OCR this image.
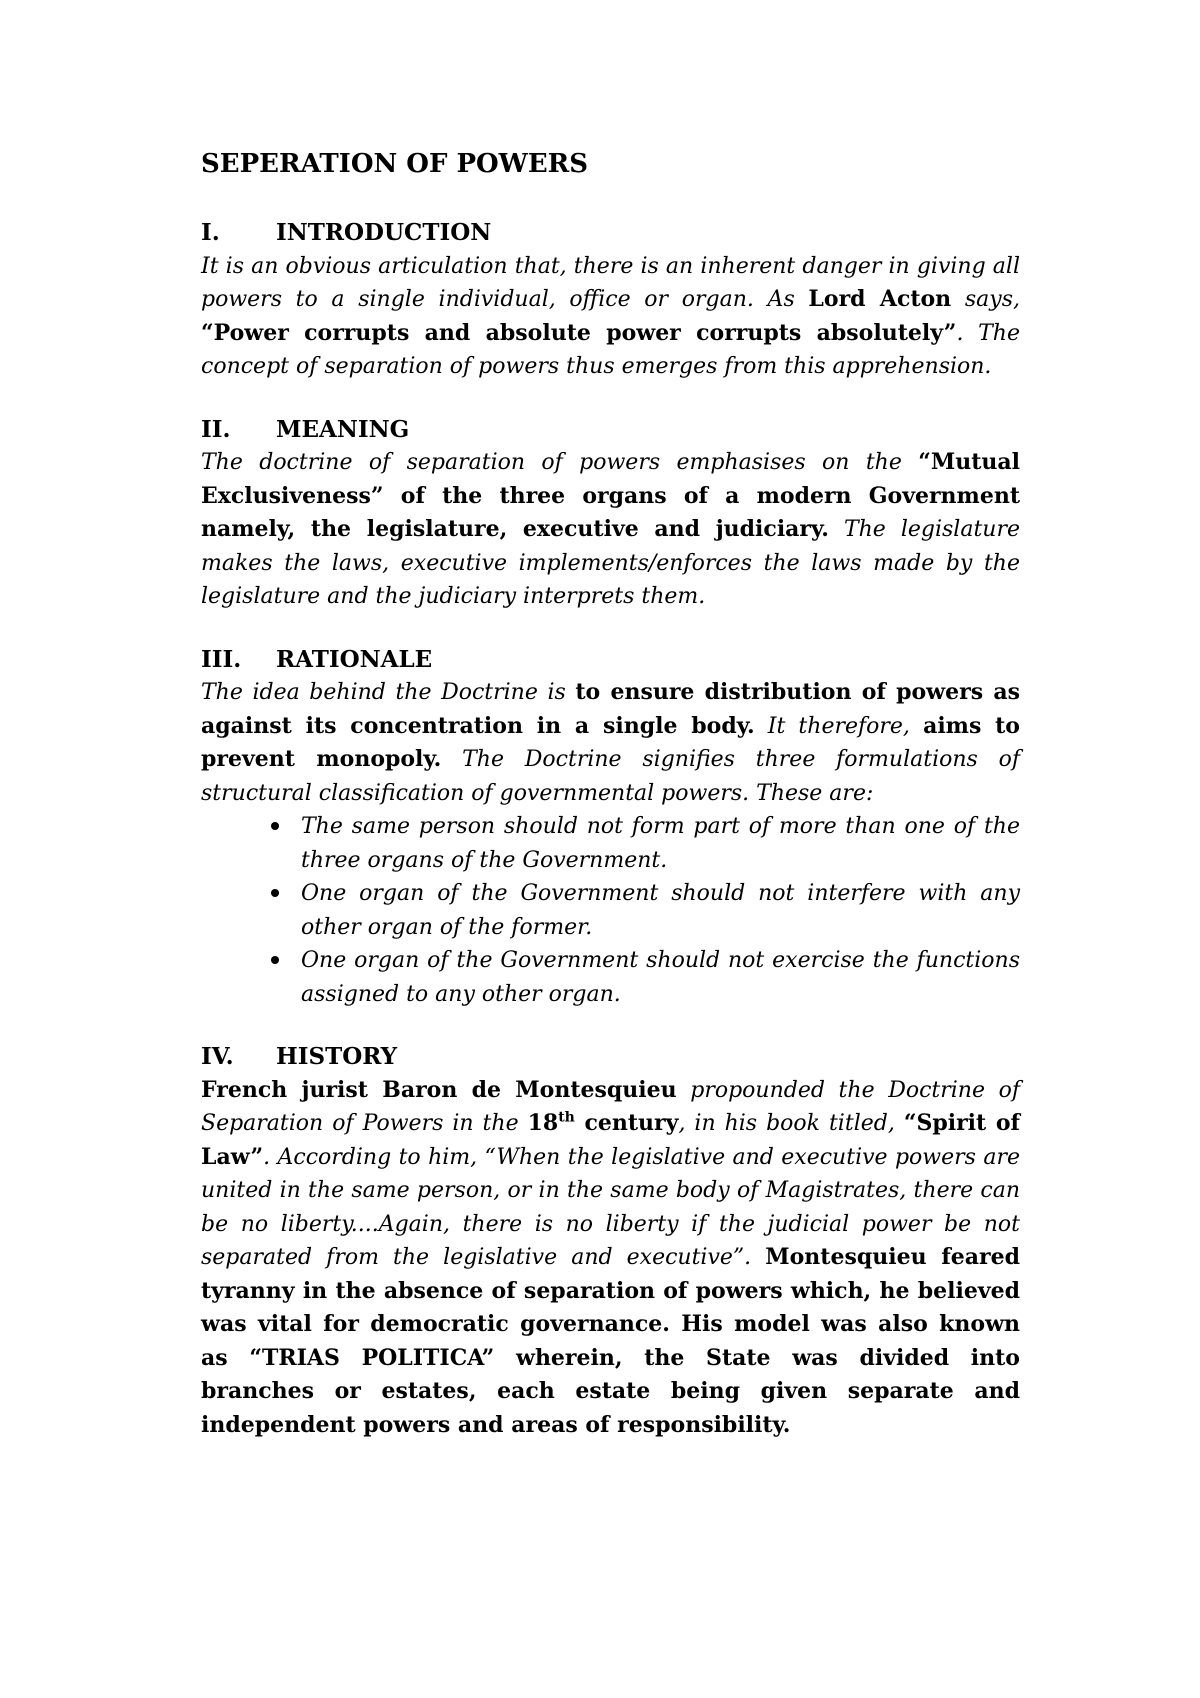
SEPERATION OF POWERS
I. INTRODUCTION

It is an obvious articulation that, there is an inherent danger in giving all powers to a single individual, office or organ. As Lord Acton says, “Power corrupts and absolute power corrupts absolutely”. The concept of separation of powers thus emerges from this apprehension.

II. MEANING

The doctrine of separation of powers emphasises on the “Mutual Exclusiveness” of the three organs of a modern Government namely, the legislature, executive and judiciary. The legislature makes the laws, executive implements/enforces the laws made by the legislature and the judiciary interprets them.

III. RATIONALE

The idea behind the Doctrine is to ensure distribution of powers as against its concentration in a single body. It therefore, aims to prevent monopoly. The Doctrine signifies three formulations of structural classification of governmental powers. These are:

The same person should not form part of more than one of the three organs of the Government.
One organ of the Government should not interfere with any other organ of the former.
One organ of the Government should not exercise the functions assigned to any other organ.
IV. HISTORY

French jurist Baron de Montesquieu propounded the Doctrine of Separation of Powers in the 18th century, in his book titled, “Spirit of Law”. According to him, “When the legislative and executive powers are united in the same person, or in the same body of Magistrates, there can be no liberty....Again, there is no liberty if the judicial power be not separated from the legislative and executive”. Montesquieu feared tyranny in the absence of separation of powers which, he believed was vital for democratic governance. His model was also known as “TRIAS POLITICA” wherein, the State was divided into branches or estates, each estate being given separate and independent powers and areas of responsibility.
